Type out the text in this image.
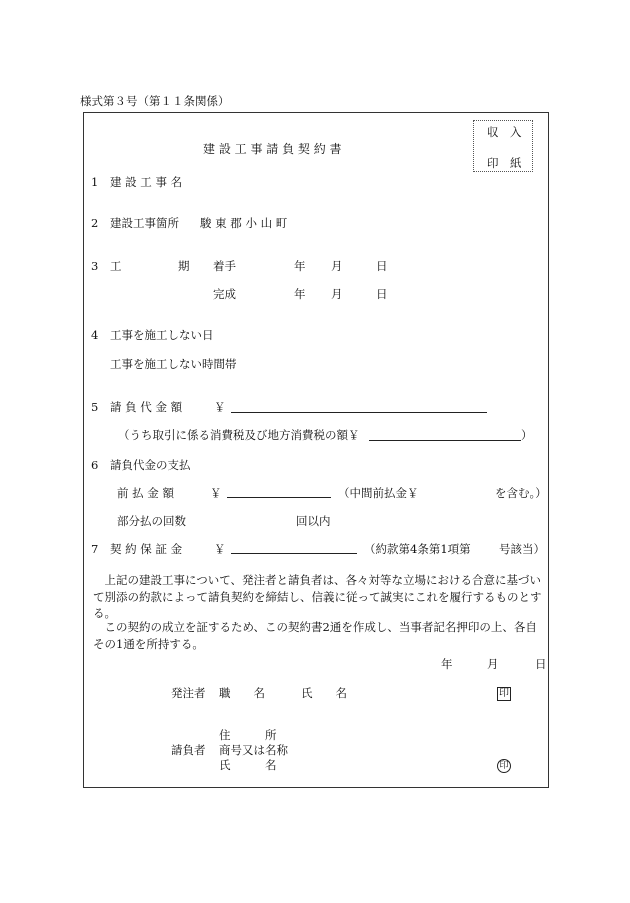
様式第３号（第１１条関係）
収　入
印　紙
建 設 工 事 請 負 契 約 書
1 建 設 工 事 名
2 建設工事箇所 駿 東 郡 小 山 町
3 工	期 着手	年 月	日
完成	年 月	日
4 工事を施工しない日
工事を施工しない時間帯
5 請 負 代 金 額	￥
（うち取引に係る消費税及び地方消費税の額￥	）
6 請負代金の支払
前 払 金 額	￥	（中間前払金￥	を含む。）
部分払の回数	回以内
7 契 約 保 証 金	￥	（約款第4条第1項第 号該当）
　上記の建設工事について、発注者と請負者は、各々対等な立場における合意に基づいて別添の約款によって請負契約を締結し、信義に従って誠実にこれを履行するものとする。
　この契約の成立を証するため、この契約書2通を作成し、当事者記名押印の上、各自その1通を所持する。
年	月	日
発注者 職　　名	氏　　名	印
住　　　所
請負者 商号又は名称
氏　　　名	印
